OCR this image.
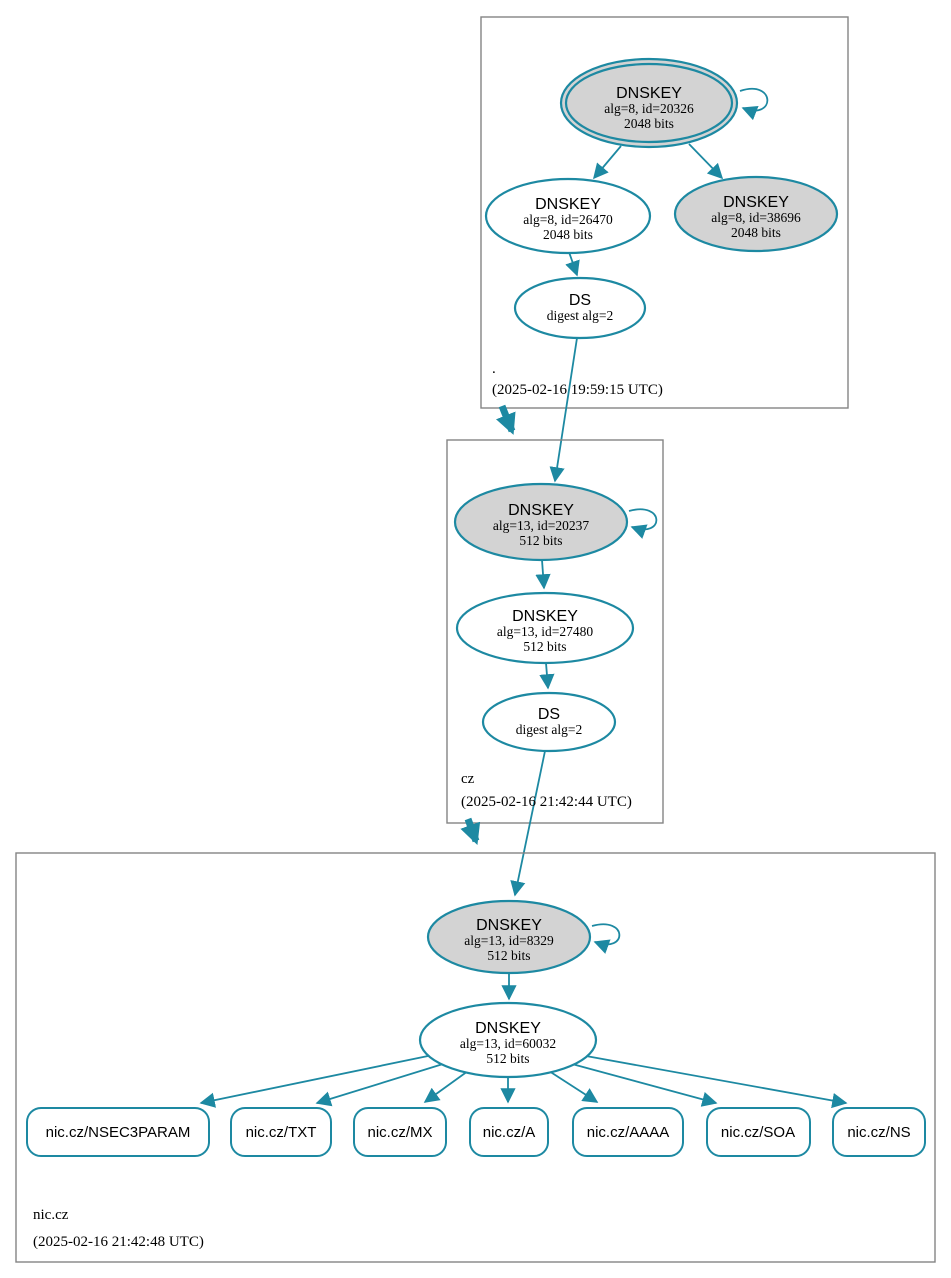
DNSKEY
alg=8, id=20326
2048 bits
DNSKEY
alg=8, id=26470
2048 bits
DNSKEY
alg=8, id=38696
2048 bits
DS
digest alg=2
.
(2025-02-16 19:59:15 UTC)
DNSKEY
alg=13, id=20237
512 bits
DNSKEY
alg=13, id=27480
512 bits
DS
digest alg=2
cz
(2025-02-16 21:42:44 UTC)
DNSKEY
alg=13, id=8329
512 bits
DNSKEY
alg=13, id=60032
512 bits
nic.cz/NSEC3PARAM	nic.cz/TXT	nic.cz/MX	nic.cz/A	nic.cz/AAAA	nic.cz/SOA	nic.cz/NS
nic.cz
(2025-02-16 21:42:48 UTC)
